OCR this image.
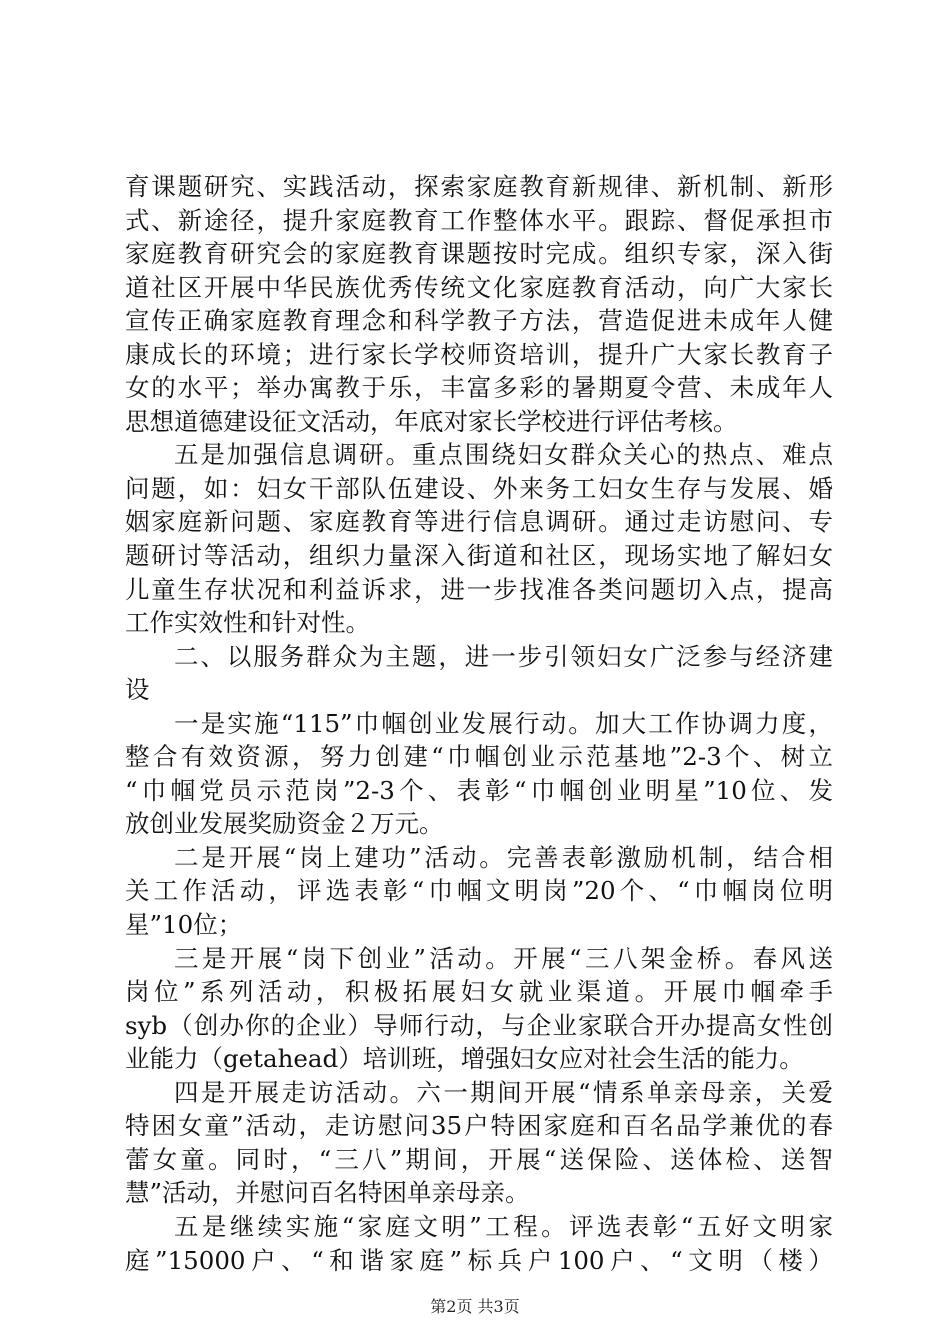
育课题研究、实践活动，探索家庭教育新规律、新机制、新形
式、新途径，提升家庭教育工作整体水平。跟踪、督促承担市
家庭教育研究会的家庭教育课题按时完成。组织专家，深入街
道社区开展中华民族优秀传统文化家庭教育活动，向广大家长
宣传正确家庭教育理念和科学教子方法，营造促进未成年人健
康成长的环境；进行家长学校师资培训，提升广大家长教育子
女的水平；举办寓教于乐，丰富多彩的暑期夏令营、未成年人
思想道德建设征文活动，年底对家长学校进行评估考核。
五是加强信息调研。重点围绕妇女群众关心的热点、难点
问题，如：妇女干部队伍建设、外来务工妇女生存与发展、婚
姻家庭新问题、家庭教育等进行信息调研。通过走访慰问、专
题研讨等活动，组织力量深入街道和社区，现场实地了解妇女
儿童生存状况和利益诉求，进一步找准各类问题切入点，提高
工作实效性和针对性。
二、以服务群众为主题，进一步引领妇女广泛参与经济建
设
一是实施“115”巾帼创业发展行动。加大工作协调力度，
整合有效资源，努力创建“巾帼创业示范基地”2-3个、树立
“巾帼党员示范岗”2-3个、表彰“巾帼创业明星”10位、发
放创业发展奖励资金２万元。
二是开展“岗上建功”活动。完善表彰激励机制，结合相
关工作活动，评选表彰“巾帼文明岗”20个、“巾帼岗位明
星”10位；
三是开展“岗下创业”活动。开展“三八架金桥。春风送
岗位”系列活动，积极拓展妇女就业渠道。开展巾帼牵手
syb（创办你的企业）导师行动，与企业家联合开办提高女性创
业能力（getahead）培训班，增强妇女应对社会生活的能力。
四是开展走访活动。六一期间开展“情系单亲母亲，关爱
特困女童”活动，走访慰问35户特困家庭和百名品学兼优的春
蕾女童。同时，“三八”期间，开展“送保险、送体检、送智
慧”活动，并慰问百名特困单亲母亲。
五是继续实施“家庭文明”工程。评选表彰“五好文明家
庭”15000户、“和谐家庭”标兵户100户、“文明（楼）
第2页 共3页
